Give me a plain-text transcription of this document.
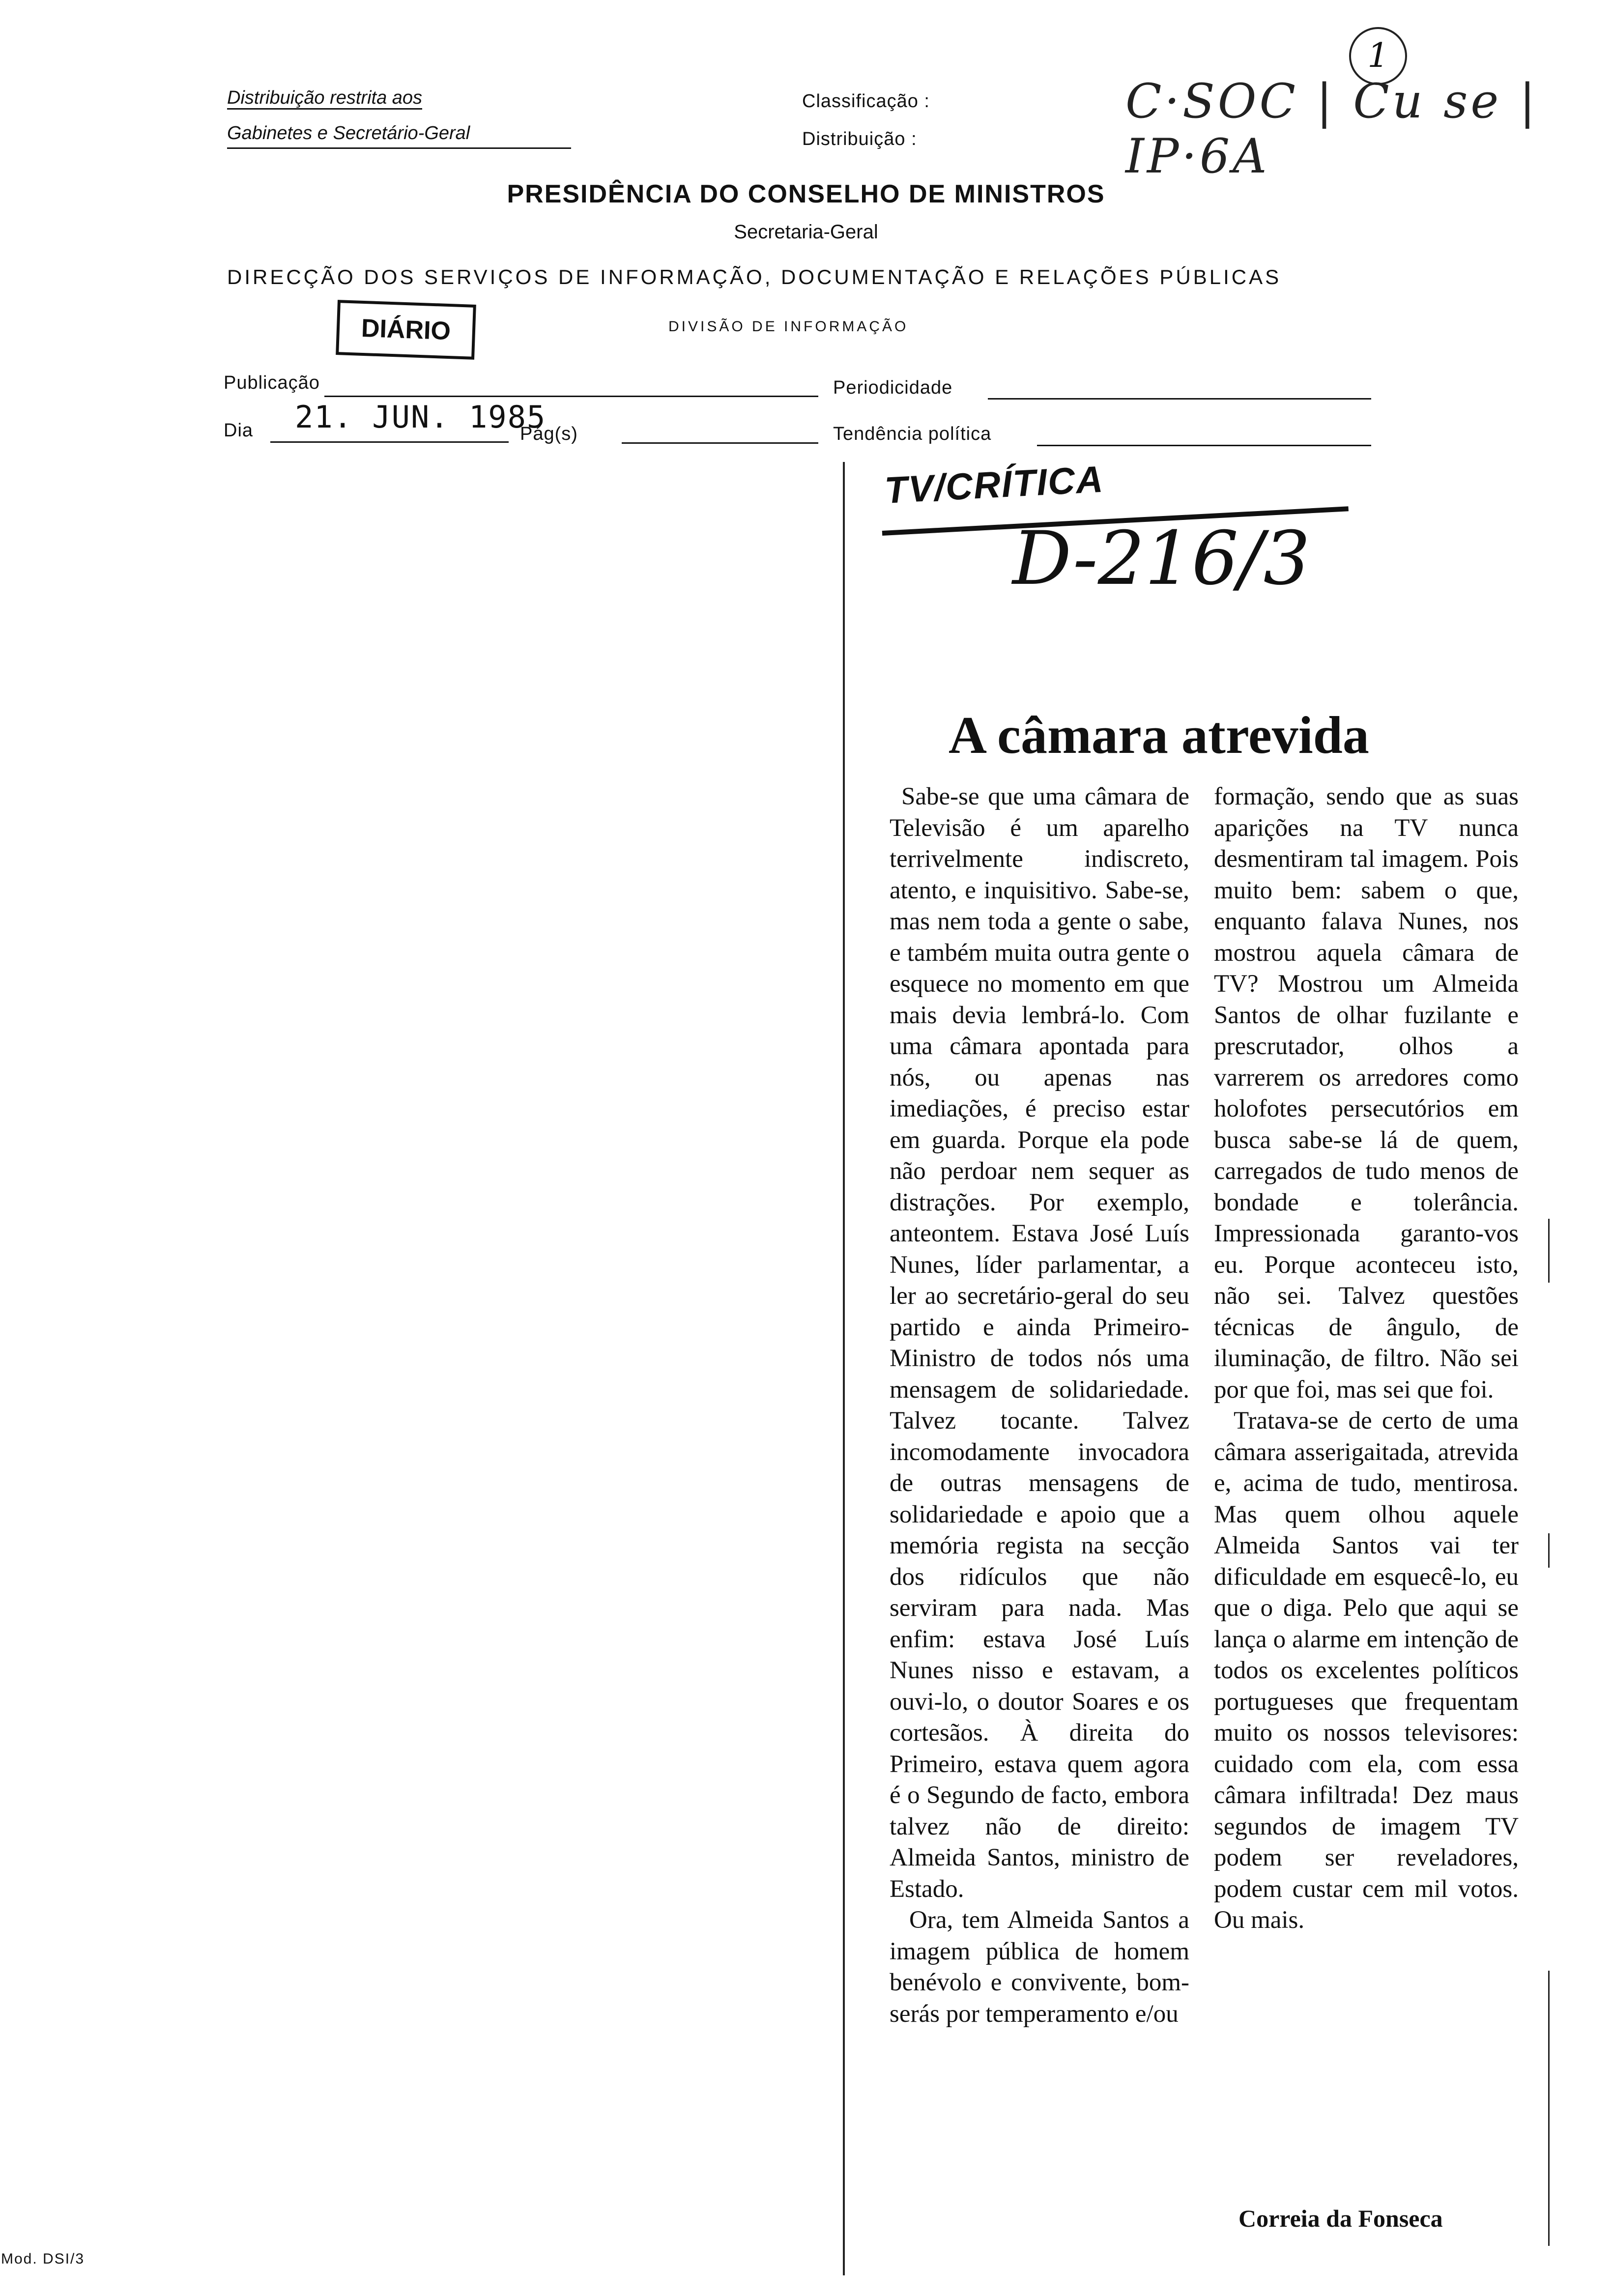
Distribuição restrita aos
Gabinetes e Secretário-Geral
Classificação :
Distribuição :
C·SOC | Cu se | IP·6A
1
PRESIDÊNCIA DO CONSELHO DE MINISTROS
Secretaria-Geral
DIRECÇÃO DOS SERVIÇOS DE INFORMAÇÃO, DOCUMENTAÇÃO E RELAÇÕES PÚBLICAS
DIÁRIO	DIVISÃO DE INFORMAÇÃO
Publicação	Periodicidade
Dia 21. JUN. 1985
Pág(s)	Tendência política
TV/CRÍTICA
D-216/3
A câmara atrevida

Sabe-se que uma câmara de Televisão é um aparelho terrivelmente indiscreto, atento, e inquisitivo. Sabe-se, mas nem toda a gente o sabe, e também muita outra gente o esquece no momento em que mais devia lembrá-lo. Com uma câmara apontada para nós, ou apenas nas imediações, é preciso estar em guarda. Porque ela pode não perdoar nem sequer as distrações. Por exemplo, anteontem. Estava José Luís Nunes, líder parlamentar, a ler ao secretário-geral do seu partido e ainda Primeiro-Ministro de todos nós uma mensagem de solidariedade. Talvez tocante. Talvez incomodamente invocadora de outras mensagens de solidariedade e apoio que a memória regista na secção dos ridículos que não serviram para nada. Mas enfim: estava José Luís Nunes nisso e estavam, a ouvi-lo, o doutor Soares e os cortesãos. À direita do Primeiro, estava quem agora é o Segundo de facto, embora talvez não de direito: Almeida Santos, ministro de Estado.

Ora, tem Almeida Santos a imagem pública de homem benévolo e convivente, bom-serás por temperamento e/ou

formação, sendo que as suas aparições na TV nunca desmentiram tal imagem. Pois muito bem: sabem o que, enquanto falava Nunes, nos mostrou aquela câmara de TV? Mostrou um Almeida Santos de olhar fuzilante e prescrutador, olhos a varrerem os arredores como holofotes persecutórios em busca sabe-se lá de quem, carregados de tudo menos de bondade e tolerância. Impressionada garanto-vos eu. Porque aconteceu isto, não sei. Talvez questões técnicas de ângulo, de iluminação, de filtro. Não sei por que foi, mas sei que foi.

Tratava-se de certo de uma câmara asserigaitada, atrevida e, acima de tudo, mentirosa. Mas quem olhou aquele Almeida Santos vai ter dificuldade em esquecê-lo, eu que o diga. Pelo que aqui se lança o alarme em intenção de todos os excelentes políticos portugueses que frequentam muito os nossos televisores: cuidado com ela, com essa câmara infiltrada! Dez maus segundos de imagem TV podem ser reveladores, podem custar cem mil votos. Ou mais.

Correia da Fonseca
Mod. DSI/3
